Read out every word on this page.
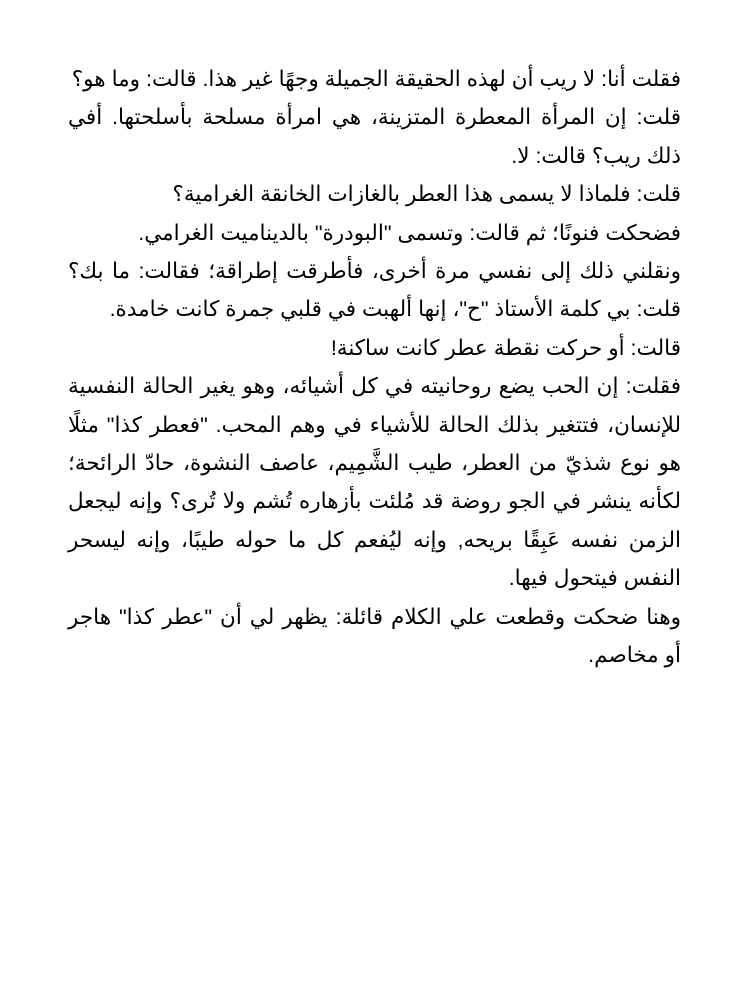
فقلت أنا: لا ريب أن لهذه الحقيقة الجميلة وجهًا غير هذا. قالت: وما هو؟

قلت: إن المرأة المعطرة المتزينة، هي امرأة مسلحة بأسلحتها. أفي ذلك ريب؟ قالت: لا.

قلت: فلماذا لا يسمى هذا العطر بالغازات الخانقة الغرامية؟

فضحكت فنونًا؛ ثم قالت: وتسمى "البودرة" بالديناميت الغرامي.

ونقلني ذلك إلى نفسي مرة أخرى، فأطرقت إطراقة؛ فقالت: ما بك؟ قلت: بي كلمة الأستاذ "ح"، إنها ألهبت في قلبي جمرة كانت خامدة.

قالت: أو حركت نقطة عطر كانت ساكنة!

فقلت: إن الحب يضع روحانيته في كل أشيائه، وهو يغير الحالة النفسية للإنسان، فتتغير بذلك الحالة للأشياء في وهم المحب. "فعطر كذا" مثلًا هو نوع شذيّ من العطر، طيب الشَّمِيم، عاصف النشوة، حادّ الرائحة؛ لكأنه ينشر في الجو روضة قد مُلئت بأزهاره تُشم ولا تُرى؟ وإنه ليجعل الزمن نفسه عَبِقًا بريحه, وإنه ليُفعم كل ما حوله طيبًا، وإنه ليسحر النفس فيتحول فيها.

وهنا ضحكت وقطعت علي الكلام قائلة: يظهر لي أن "عطر كذا" هاجر أو مخاصم.
